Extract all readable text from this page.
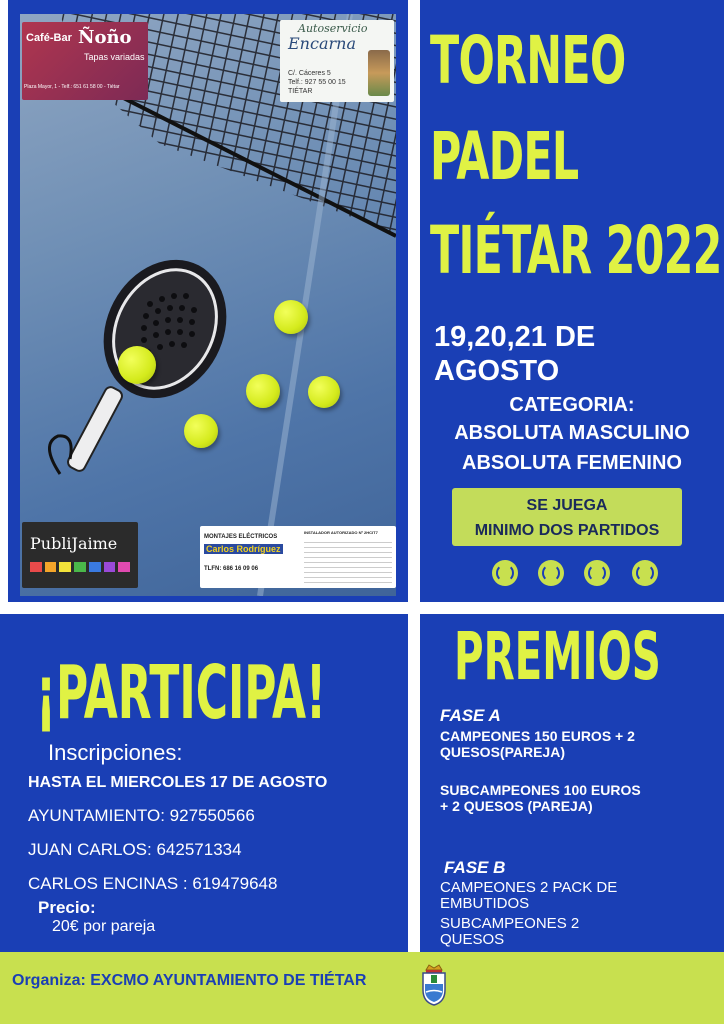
Café-Bar Ñoño
Tapas variadas
Plaza Mayor, 1 - Telf.: 651 61 58 00 - Tiétar
Autoservicio
Encarna
C/. Cáceres 5
Telf.: 927 55 00 15
TIÉTAR
PubliJaime	MONTAJES ELÉCTRICOS
Carlos Rodríguez
TLFN: 686 16 09 06
INSTALADOR AUTORIZADO Nº 2HCIT7
TORNEO
PADEL
TIÉTAR 2022
19,20,21 DE
AGOSTO
CATEGORIA:
ABSOLUTA MASCULINO
ABSOLUTA FEMENINO
SE JUEGA
MINIMO DOS PARTIDOS
¡PARTICIPA!
Inscripciones:
HASTA EL MIERCOLES 17 DE AGOSTO
AYUNTAMIENTO: 927550566
JUAN CARLOS: 642571334
CARLOS ENCINAS : 619479648
Precio:
20€ por pareja
PREMIOS
FASE A
CAMPEONES 150 EUROS + 2 QUESOS(PAREJA)
SUBCAMPEONES 100 EUROS + 2 QUESOS (PAREJA)
FASE B
CAMPEONES 2 PACK DE EMBUTIDOS
SUBCAMPEONES 2 QUESOS
Organiza: EXCMO AYUNTAMIENTO DE TIÉTAR
